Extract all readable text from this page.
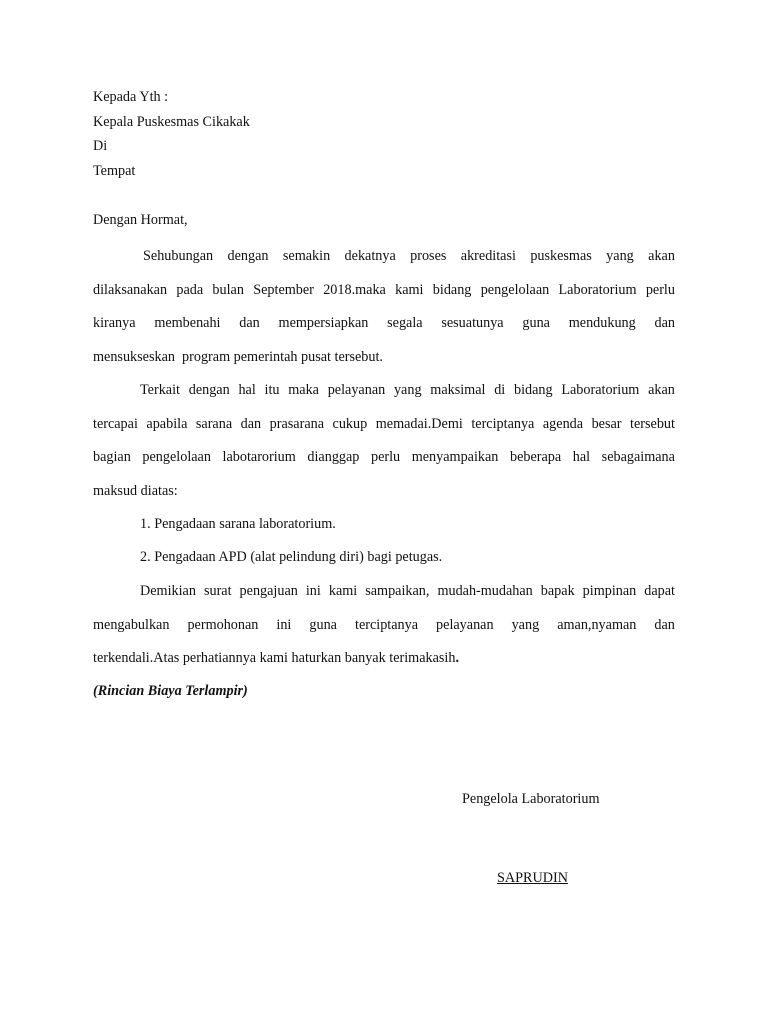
Kepada Yth :
Kepala Puskesmas Cikakak
Di
Tempat
Dengan Hormat,
Sehubungan dengan semakin dekatnya proses akreditasi puskesmas yang akan
dilaksanakan pada bulan September 2018.maka kami bidang pengelolaan Laboratorium perlu
kiranya membenahi dan mempersiapkan segala sesuatunya guna mendukung dan
mensukseskan  program pemerintah pusat tersebut.
Terkait dengan hal itu maka pelayanan yang maksimal di bidang Laboratorium akan
tercapai apabila sarana dan prasarana cukup memadai.Demi terciptanya agenda besar tersebut
bagian pengelolaan labotarorium dianggap perlu menyampaikan beberapa hal sebagaimana
maksud diatas:
1. Pengadaan sarana laboratorium.
2. Pengadaan APD (alat pelindung diri) bagi petugas.
Demikian surat pengajuan ini kami sampaikan, mudah-mudahan bapak pimpinan dapat
mengabulkan permohonan ini guna terciptanya pelayanan yang aman,nyaman dan
terkendali.Atas perhatiannya kami haturkan banyak terimakasih.
(Rincian Biaya Terlampir)
Pengelola Laboratorium
SAPRUDIN
